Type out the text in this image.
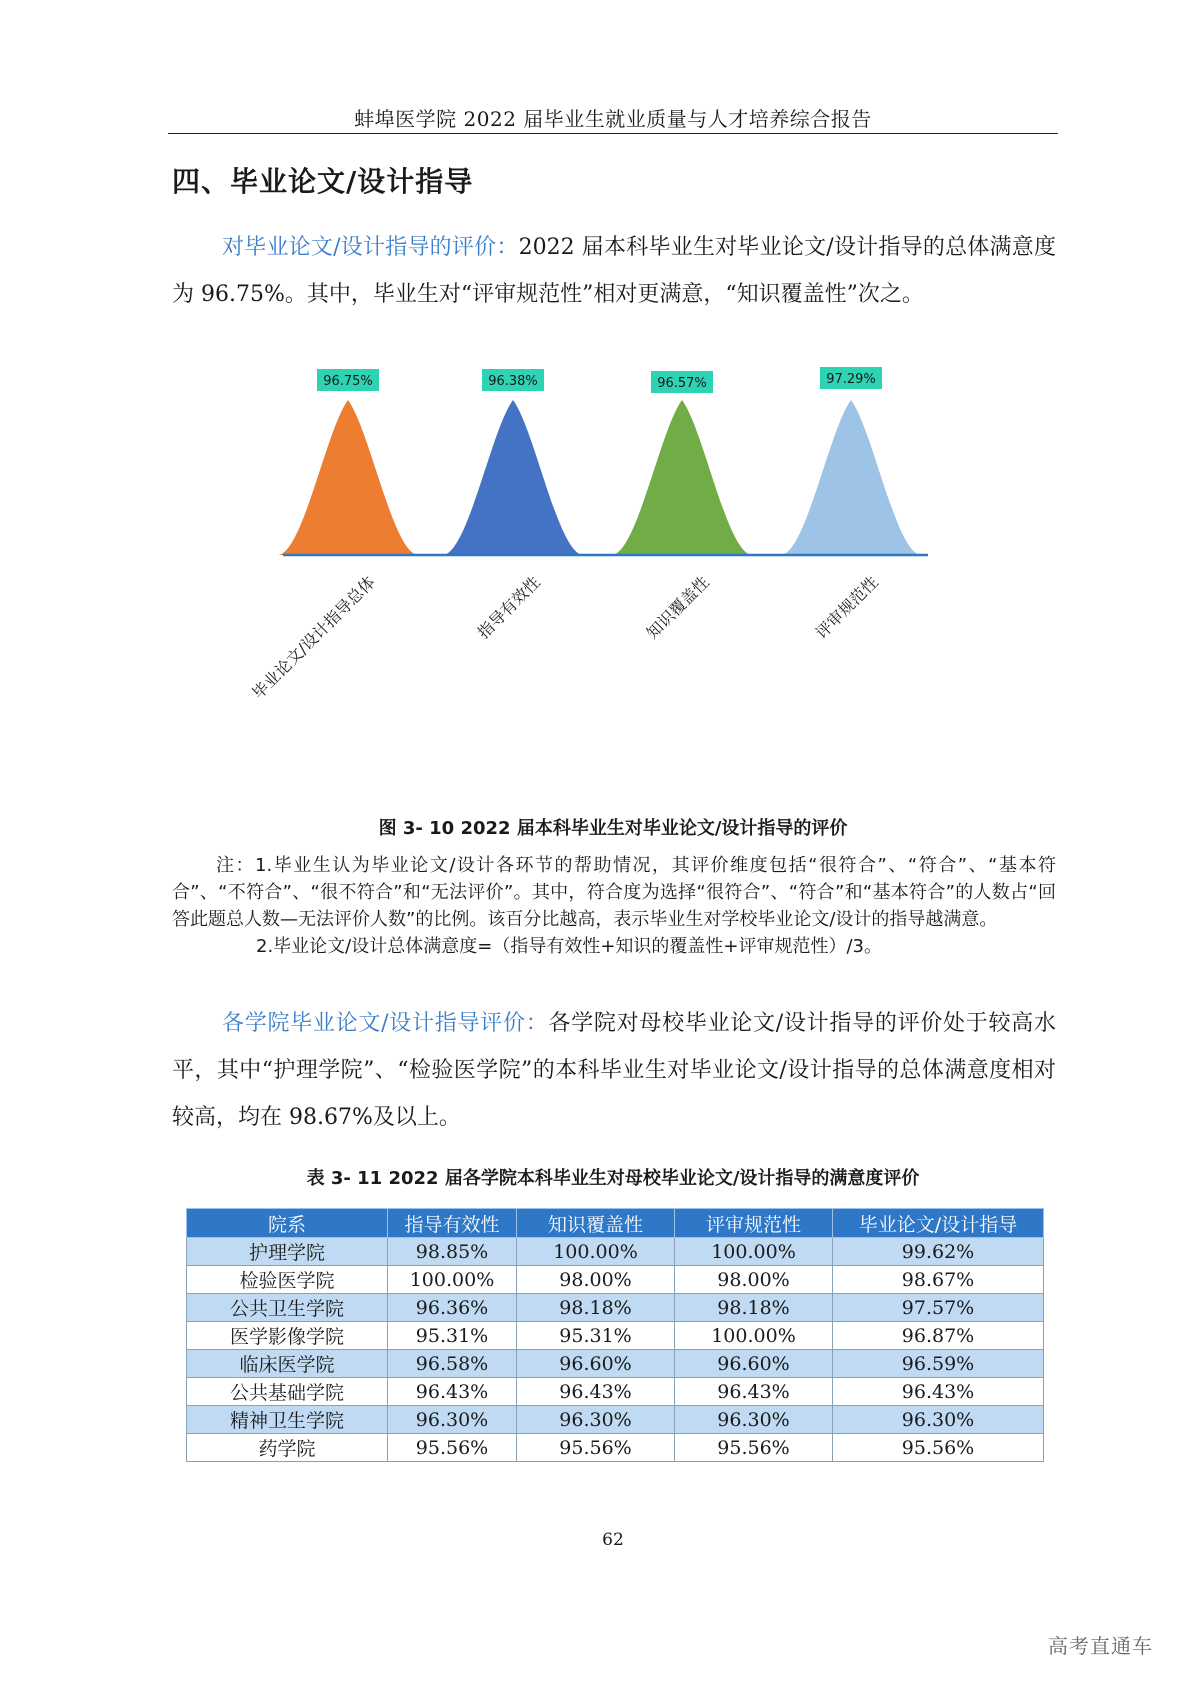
蚌埠医学院 2022 届毕业生就业质量与人才培养综合报告
四、毕业论文/设计指导
对毕业论文/设计指导的评价：2022 届本科毕业生对毕业论文/设计指导的总体满意度为 96.75%。其中，毕业生对“评审规范性”相对更满意，“知识覆盖性”次之。
96.75%
毕业论文/设计指导总体
96.38%
指导有效性
96.57%
知识覆盖性
97.29%
评审规范性
图 3- 10 2022 届本科毕业生对毕业论文/设计指导的评价
注：1.毕业生认为毕业论文/设计各环节的帮助情况，其评价维度包括“很符合”、“符合”、“基本符合”、“不符合”、“很不符合”和“无法评价”。其中，符合度为选择“很符合”、“符合”和“基本符合”的人数占“回答此题总人数—无法评价人数”的比例。该百分比越高，表示毕业生对学校毕业论文/设计的指导越满意。
2.毕业论文/设计总体满意度=（指导有效性+知识的覆盖性+评审规范性）/3。
各学院毕业论文/设计指导评价：各学院对母校毕业论文/设计指导的评价处于较高水平，其中“护理学院”、“检验医学院”的本科毕业生对毕业论文/设计指导的总体满意度相对较高，均在 98.67%及以上。
表 3- 11 2022 届各学院本科毕业生对母校毕业论文/设计指导的满意度评价
院系	指导有效性	知识覆盖性	评审规范性	毕业论文/设计指导
护理学院	98.85%	100.00%	100.00%	99.62%
检验医学院	100.00%	98.00%	98.00%	98.67%
公共卫生学院	96.36%	98.18%	98.18%	97.57%
医学影像学院	95.31%	95.31%	100.00%	96.87%
临床医学院	96.58%	96.60%	96.60%	96.59%
公共基础学院	96.43%	96.43%	96.43%	96.43%
精神卫生学院	96.30%	96.30%	96.30%	96.30%
药学院	95.56%	95.56%	95.56%	95.56%
62
高考直通车
